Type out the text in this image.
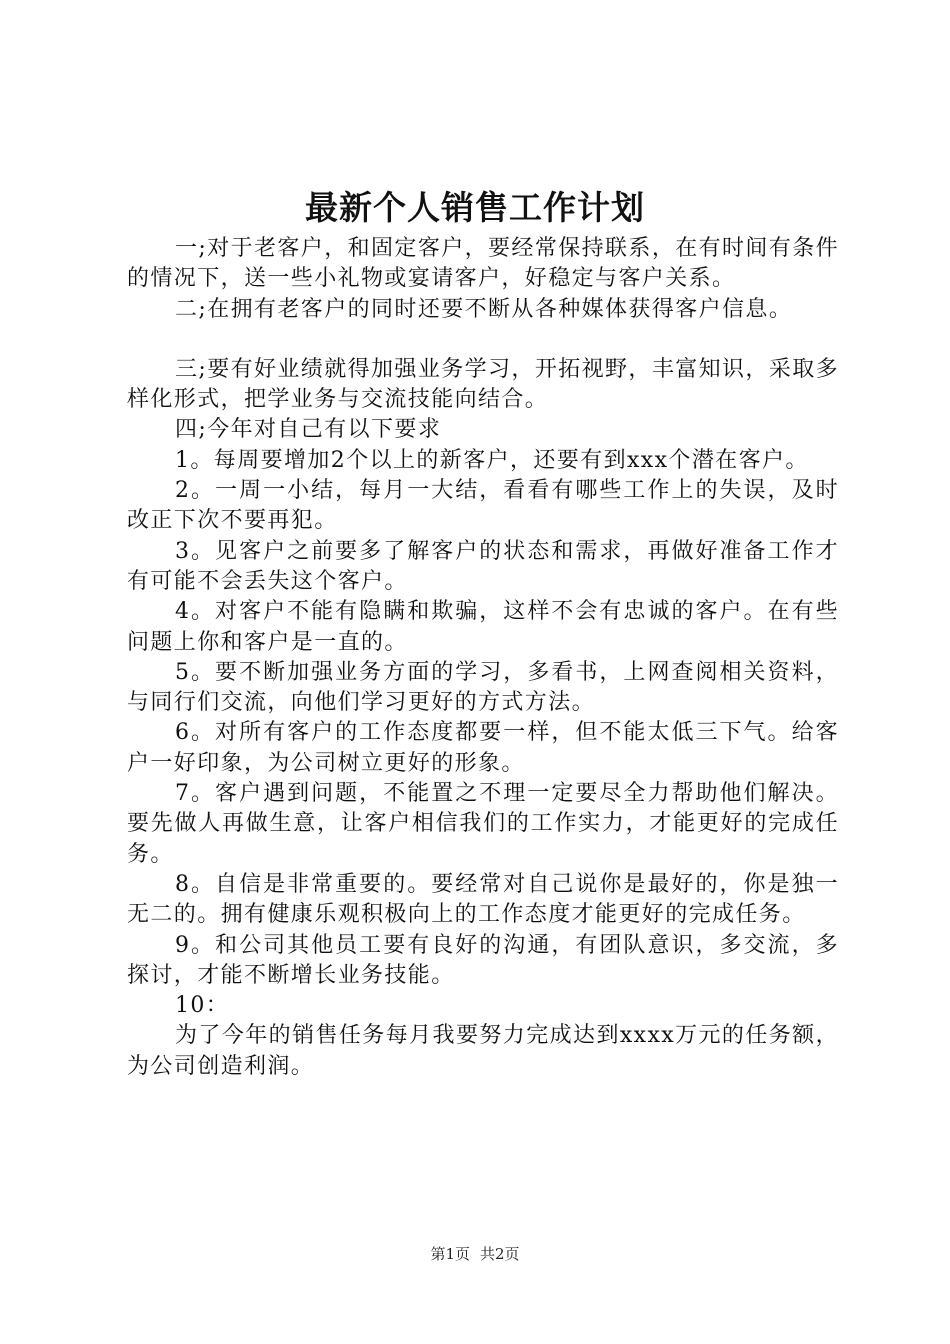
最新个人销售工作计划

一;对于老客户，和固定客户，要经常保持联系，在有时间有条件的情况下，送一些小礼物或宴请客户，好稳定与客户关系。

二;在拥有老客户的同时还要不断从各种媒体获得客户信息。

三;要有好业绩就得加强业务学习，开拓视野，丰富知识，采取多样化形式，把学业务与交流技能向结合。

四;今年对自己有以下要求

1。每周要增加2个以上的新客户，还要有到xxx个潜在客户。

2。一周一小结，每月一大结，看看有哪些工作上的失误，及时改正下次不要再犯。

3。见客户之前要多了解客户的状态和需求，再做好准备工作才有可能不会丢失这个客户。

4。对客户不能有隐瞒和欺骗，这样不会有忠诚的客户。在有些问题上你和客户是一直的。

5。要不断加强业务方面的学习，多看书，上网查阅相关资料，与同行们交流，向他们学习更好的方式方法。

6。对所有客户的工作态度都要一样，但不能太低三下气。给客户一好印象，为公司树立更好的形象。

7。客户遇到问题，不能置之不理一定要尽全力帮助他们解决。要先做人再做生意，让客户相信我们的工作实力，才能更好的完成任务。

8。自信是非常重要的。要经常对自己说你是最好的，你是独一无二的。拥有健康乐观积极向上的工作态度才能更好的完成任务。

9。和公司其他员工要有良好的沟通，有团队意识，多交流，多探讨，才能不断增长业务技能。

10：

为了今年的销售任务每月我要努力完成达到xxxx万元的任务额，为公司创造利润。

第1页 共2页
